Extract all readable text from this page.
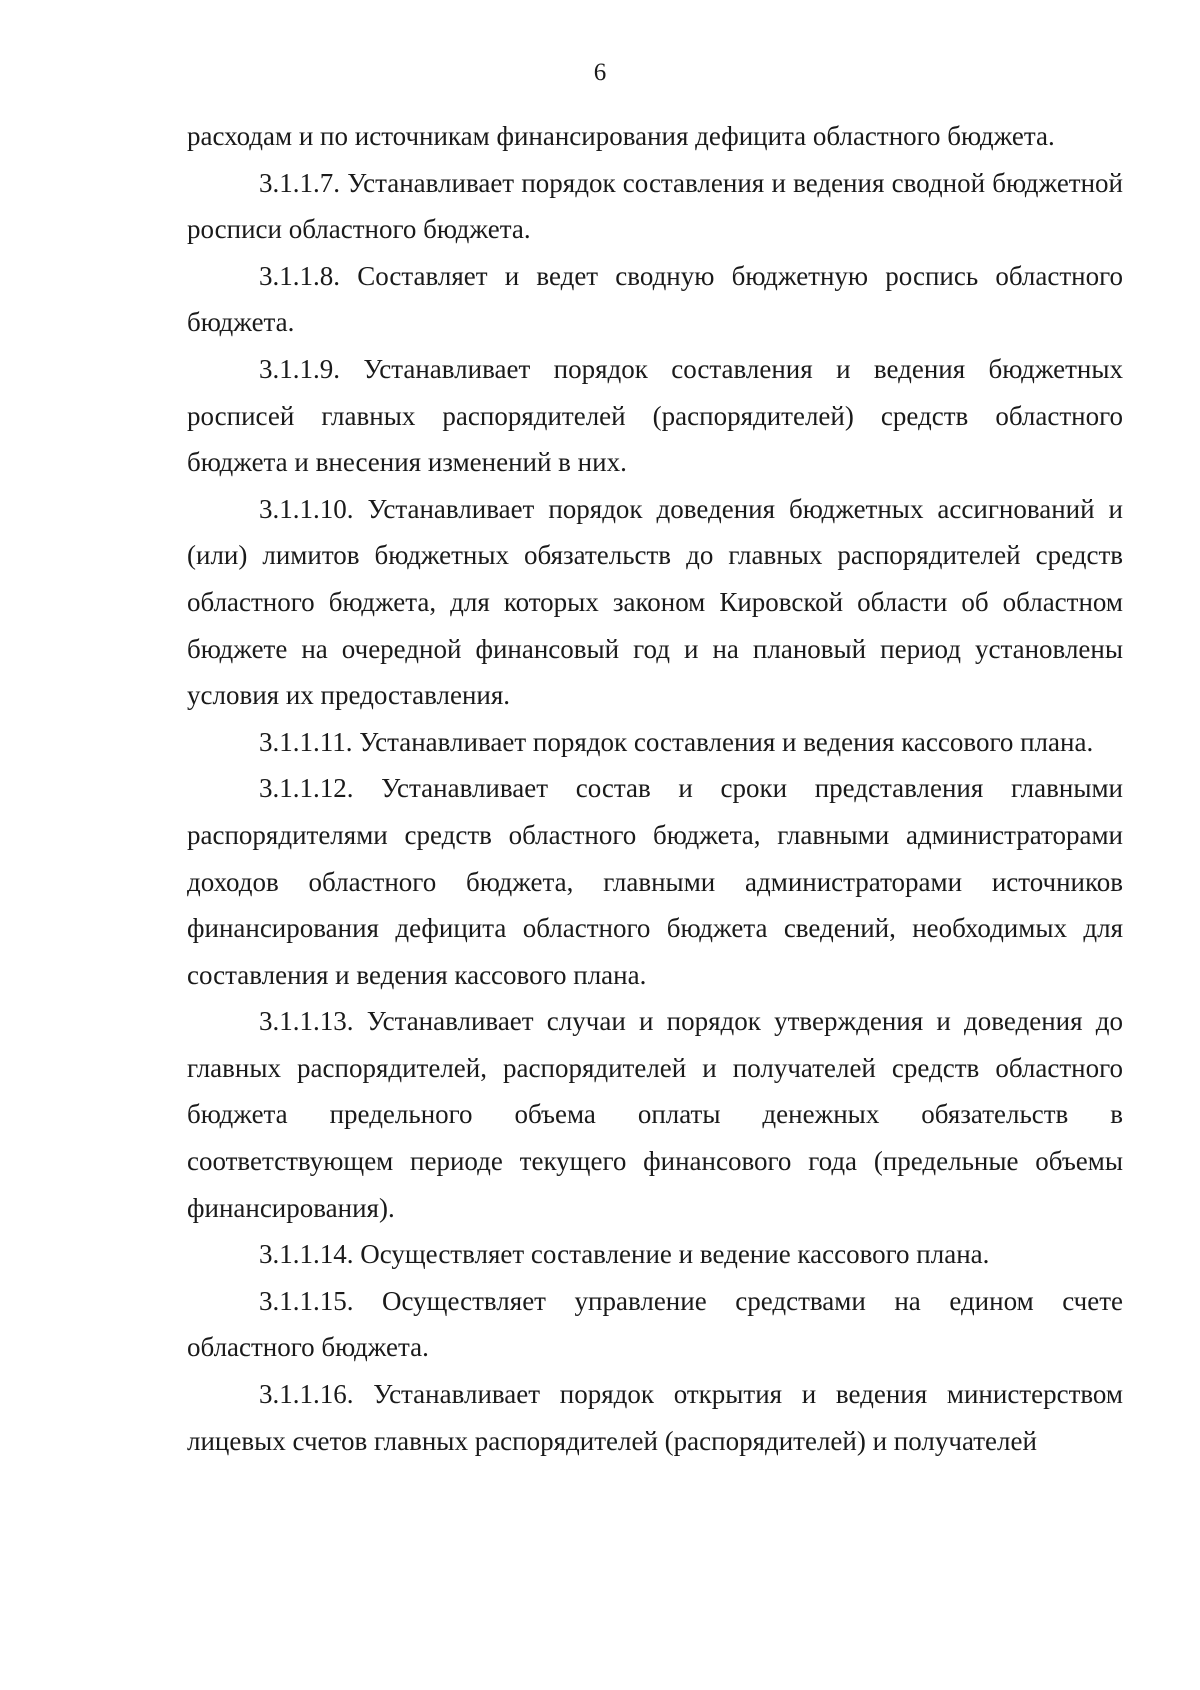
6

расходам и по источникам финансирования дефицита областного бюджета.

3.1.1.7. Устанавливает порядок составления и ведения сводной бюджетной росписи областного бюджета.

3.1.1.8. Составляет и ведет сводную бюджетную роспись областного бюджета.

3.1.1.9. Устанавливает порядок составления и ведения бюджетных росписей главных распорядителей (распорядителей) средств областного бюджета и внесения изменений в них.

3.1.1.10. Устанавливает порядок доведения бюджетных ассигнований и (или) лимитов бюджетных обязательств до главных распорядителей средств областного бюджета, для которых законом Кировской области об областном бюджете на очередной финансовый год и на плановый период установлены условия их предоставления.

3.1.1.11. Устанавливает порядок составления и ведения кассового плана.

3.1.1.12. Устанавливает состав и сроки представления главными распорядителями средств областного бюджета, главными администраторами доходов областного бюджета, главными администраторами источников финансирования дефицита областного бюджета сведений, необходимых для составления и ведения кассового плана.

3.1.1.13. Устанавливает случаи и порядок утверждения и доведения до главных распорядителей, распорядителей и получателей средств областного бюджета предельного объема оплаты денежных обязательств в соответствующем периоде текущего финансового года (предельные объемы финансирования).

3.1.1.14. Осуществляет составление и ведение кассового плана.

3.1.1.15. Осуществляет управление средствами на едином счете областного бюджета.

3.1.1.16. Устанавливает порядок открытия и ведения министерством лицевых счетов главных распорядителей (распорядителей) и получателей
